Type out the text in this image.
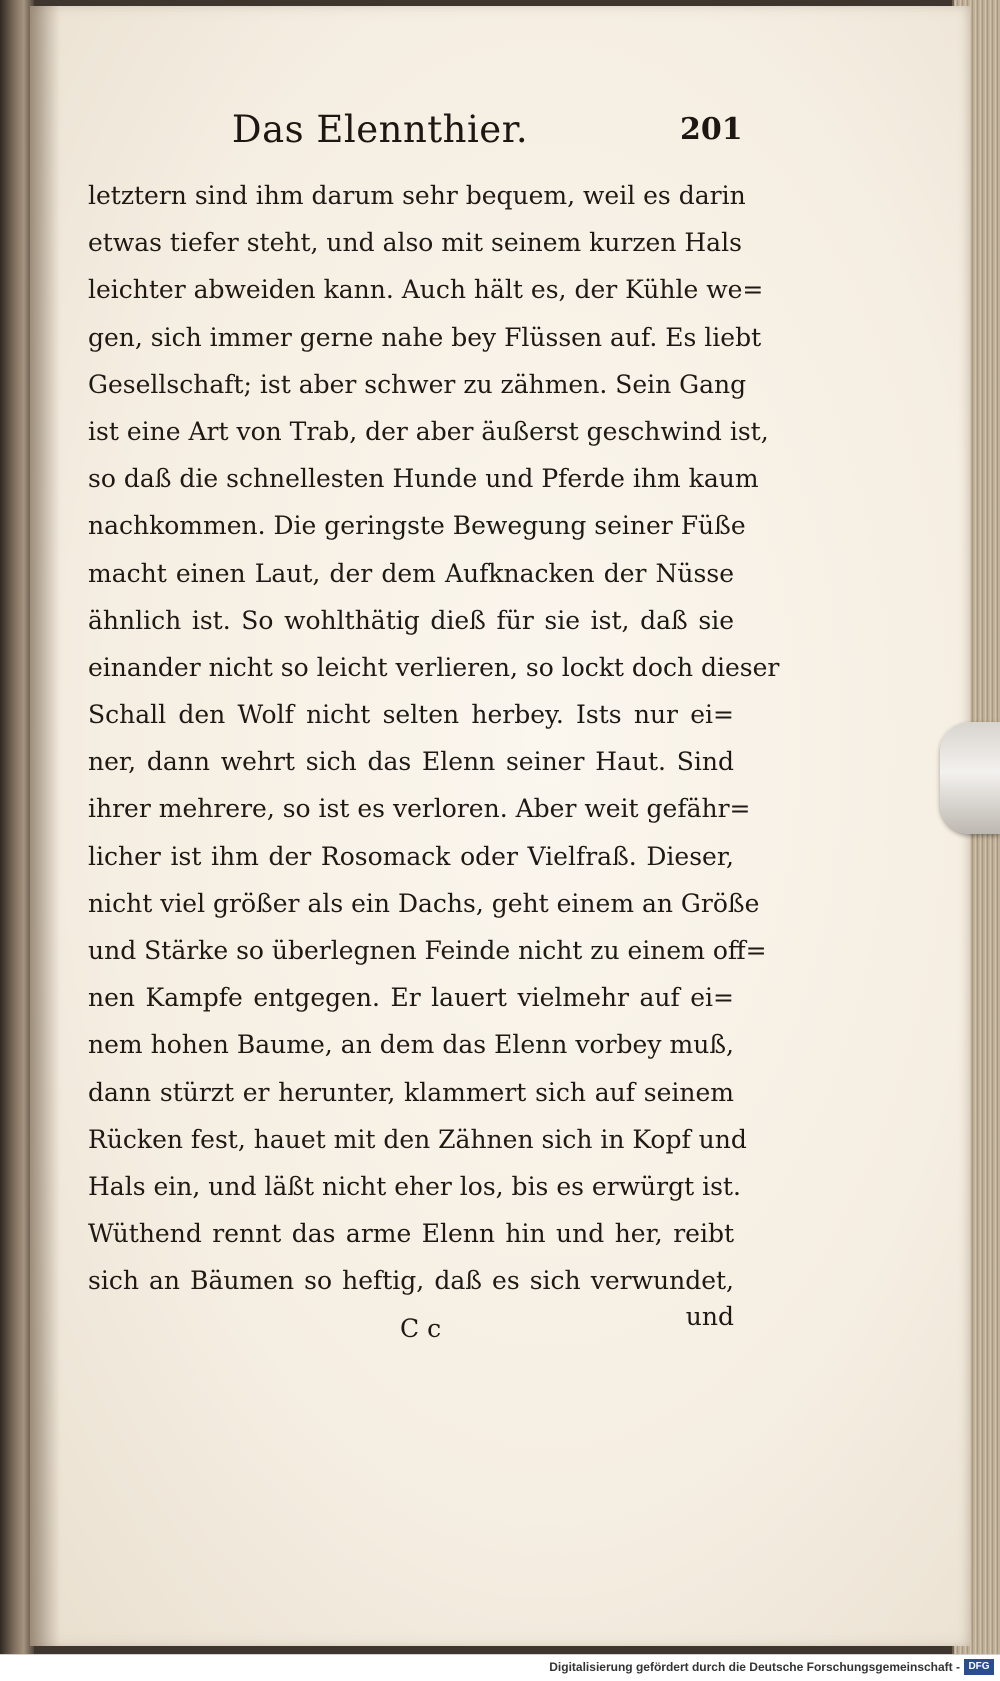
Das Elennthier.	201
letztern sind ihm darum sehr bequem, weil es darin
etwas tiefer steht, und also mit seinem kurzen Hals
leichter abweiden kann. Auch hält es, der Kühle we=
gen, sich immer gerne nahe bey Flüssen auf. Es liebt
Gesellschaft; ist aber schwer zu zähmen. Sein Gang
ist eine Art von Trab, der aber äußerst geschwind ist,
so daß die schnellesten Hunde und Pferde ihm kaum
nachkommen. Die geringste Bewegung seiner Füße
macht einen Laut, der dem Aufknacken der Nüsse
ähnlich ist. So wohlthätig dieß für sie ist, daß sie
einander nicht so leicht verlieren, so lockt doch dieser
Schall den Wolf nicht selten herbey. Ists nur ei=
ner, dann wehrt sich das Elenn seiner Haut. Sind
ihrer mehrere, so ist es verloren. Aber weit gefähr=
licher ist ihm der Rosomack oder Vielfraß. Dieser,
nicht viel größer als ein Dachs, geht einem an Größe
und Stärke so überlegnen Feinde nicht zu einem off=
nen Kampfe entgegen. Er lauert vielmehr auf ei=
nem hohen Baume, an dem das Elenn vorbey muß,
dann stürzt er herunter, klammert sich auf seinem
Rücken fest, hauet mit den Zähnen sich in Kopf und
Hals ein, und läßt nicht eher los, bis es erwürgt ist.
Wüthend rennt das arme Elenn hin und her, reibt
sich an Bäumen so heftig, daß es sich verwundet,
C c	und
Digitalisierung gefördert durch die Deutsche Forschungsgemeinschaft - DFG
